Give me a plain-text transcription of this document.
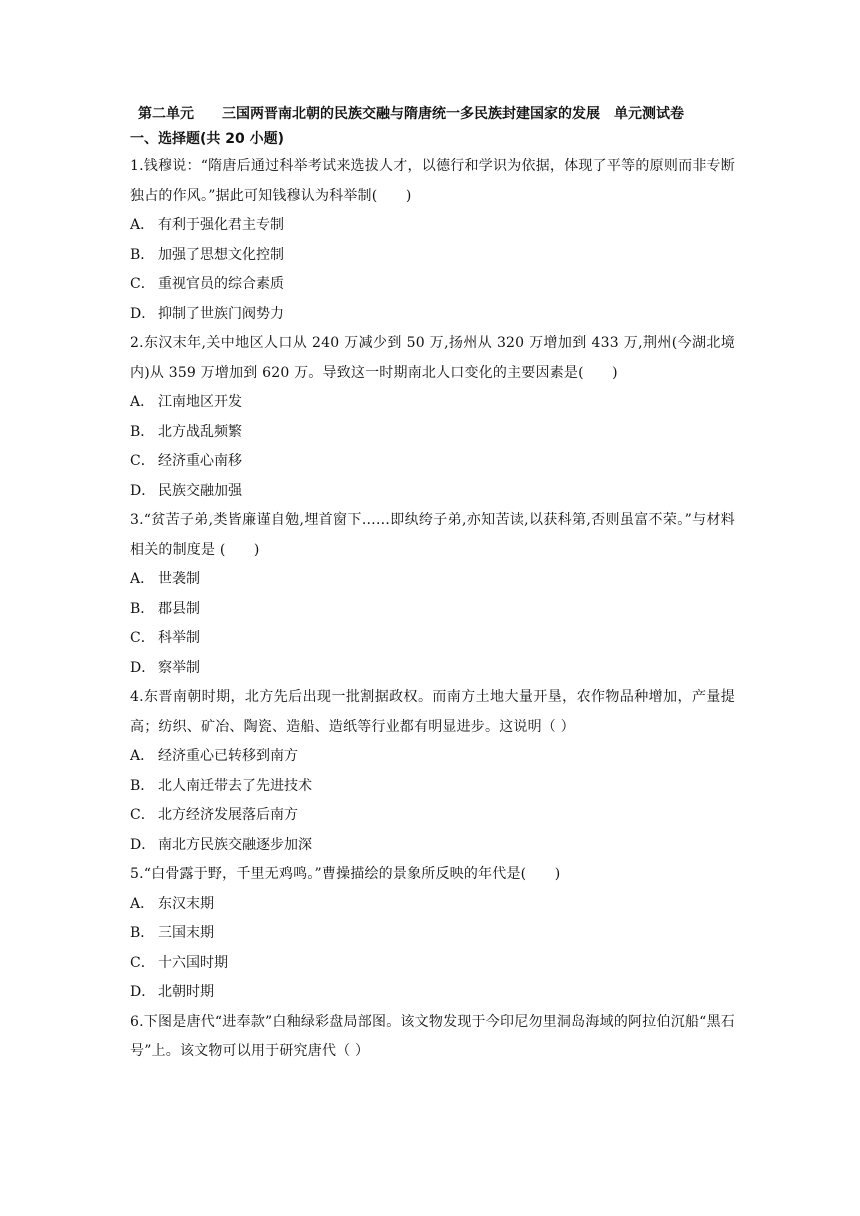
第二单元　　三国两晋南北朝的民族交融与隋唐统一多民族封建国家的发展　单元测试卷
一、选择题(共 20 小题)
1.钱穆说：“隋唐后通过科举考试来选拔人才，以德行和学识为依据，体现了平等的原则而非专断独占的作风。”据此可知钱穆认为科举制(　　)
A． 有利于强化君主专制
B． 加强了思想文化控制
C． 重视官员的综合素质
D． 抑制了世族门阀势力
2.东汉末年,关中地区人口从 240 万减少到 50 万,扬州从 320 万增加到 433 万,荆州(今湖北境内)从 359 万增加到 620 万。导致这一时期南北人口变化的主要因素是(　　)
A． 江南地区开发
B． 北方战乱频繁
C． 经济重心南移
D． 民族交融加强
3.“贫苦子弟,类皆廉谨自勉,埋首窗下……即纨绔子弟,亦知苦读,以获科第,否则虽富不荣。”与材料相关的制度是 (　　)
A． 世袭制
B． 郡县制
C． 科举制
D． 察举制
4.东晋南朝时期，北方先后出现一批割据政权。而南方土地大量开垦，农作物品种增加，产量提高；纺织、矿冶、陶瓷、造船、造纸等行业都有明显进步。这说明（ ）
A． 经济重心已转移到南方
B． 北人南迁带去了先进技术
C． 北方经济发展落后南方
D． 南北方民族交融逐步加深
5.“白骨露于野，千里无鸡鸣。”曹操描绘的景象所反映的年代是(　　)
A． 东汉末期
B． 三国末期
C． 十六国时期
D． 北朝时期
6.下图是唐代“进奉款”白釉绿彩盘局部图。该文物发现于今印尼勿里洞岛海域的阿拉伯沉船“黑石号”上。该文物可以用于研究唐代（ ）
